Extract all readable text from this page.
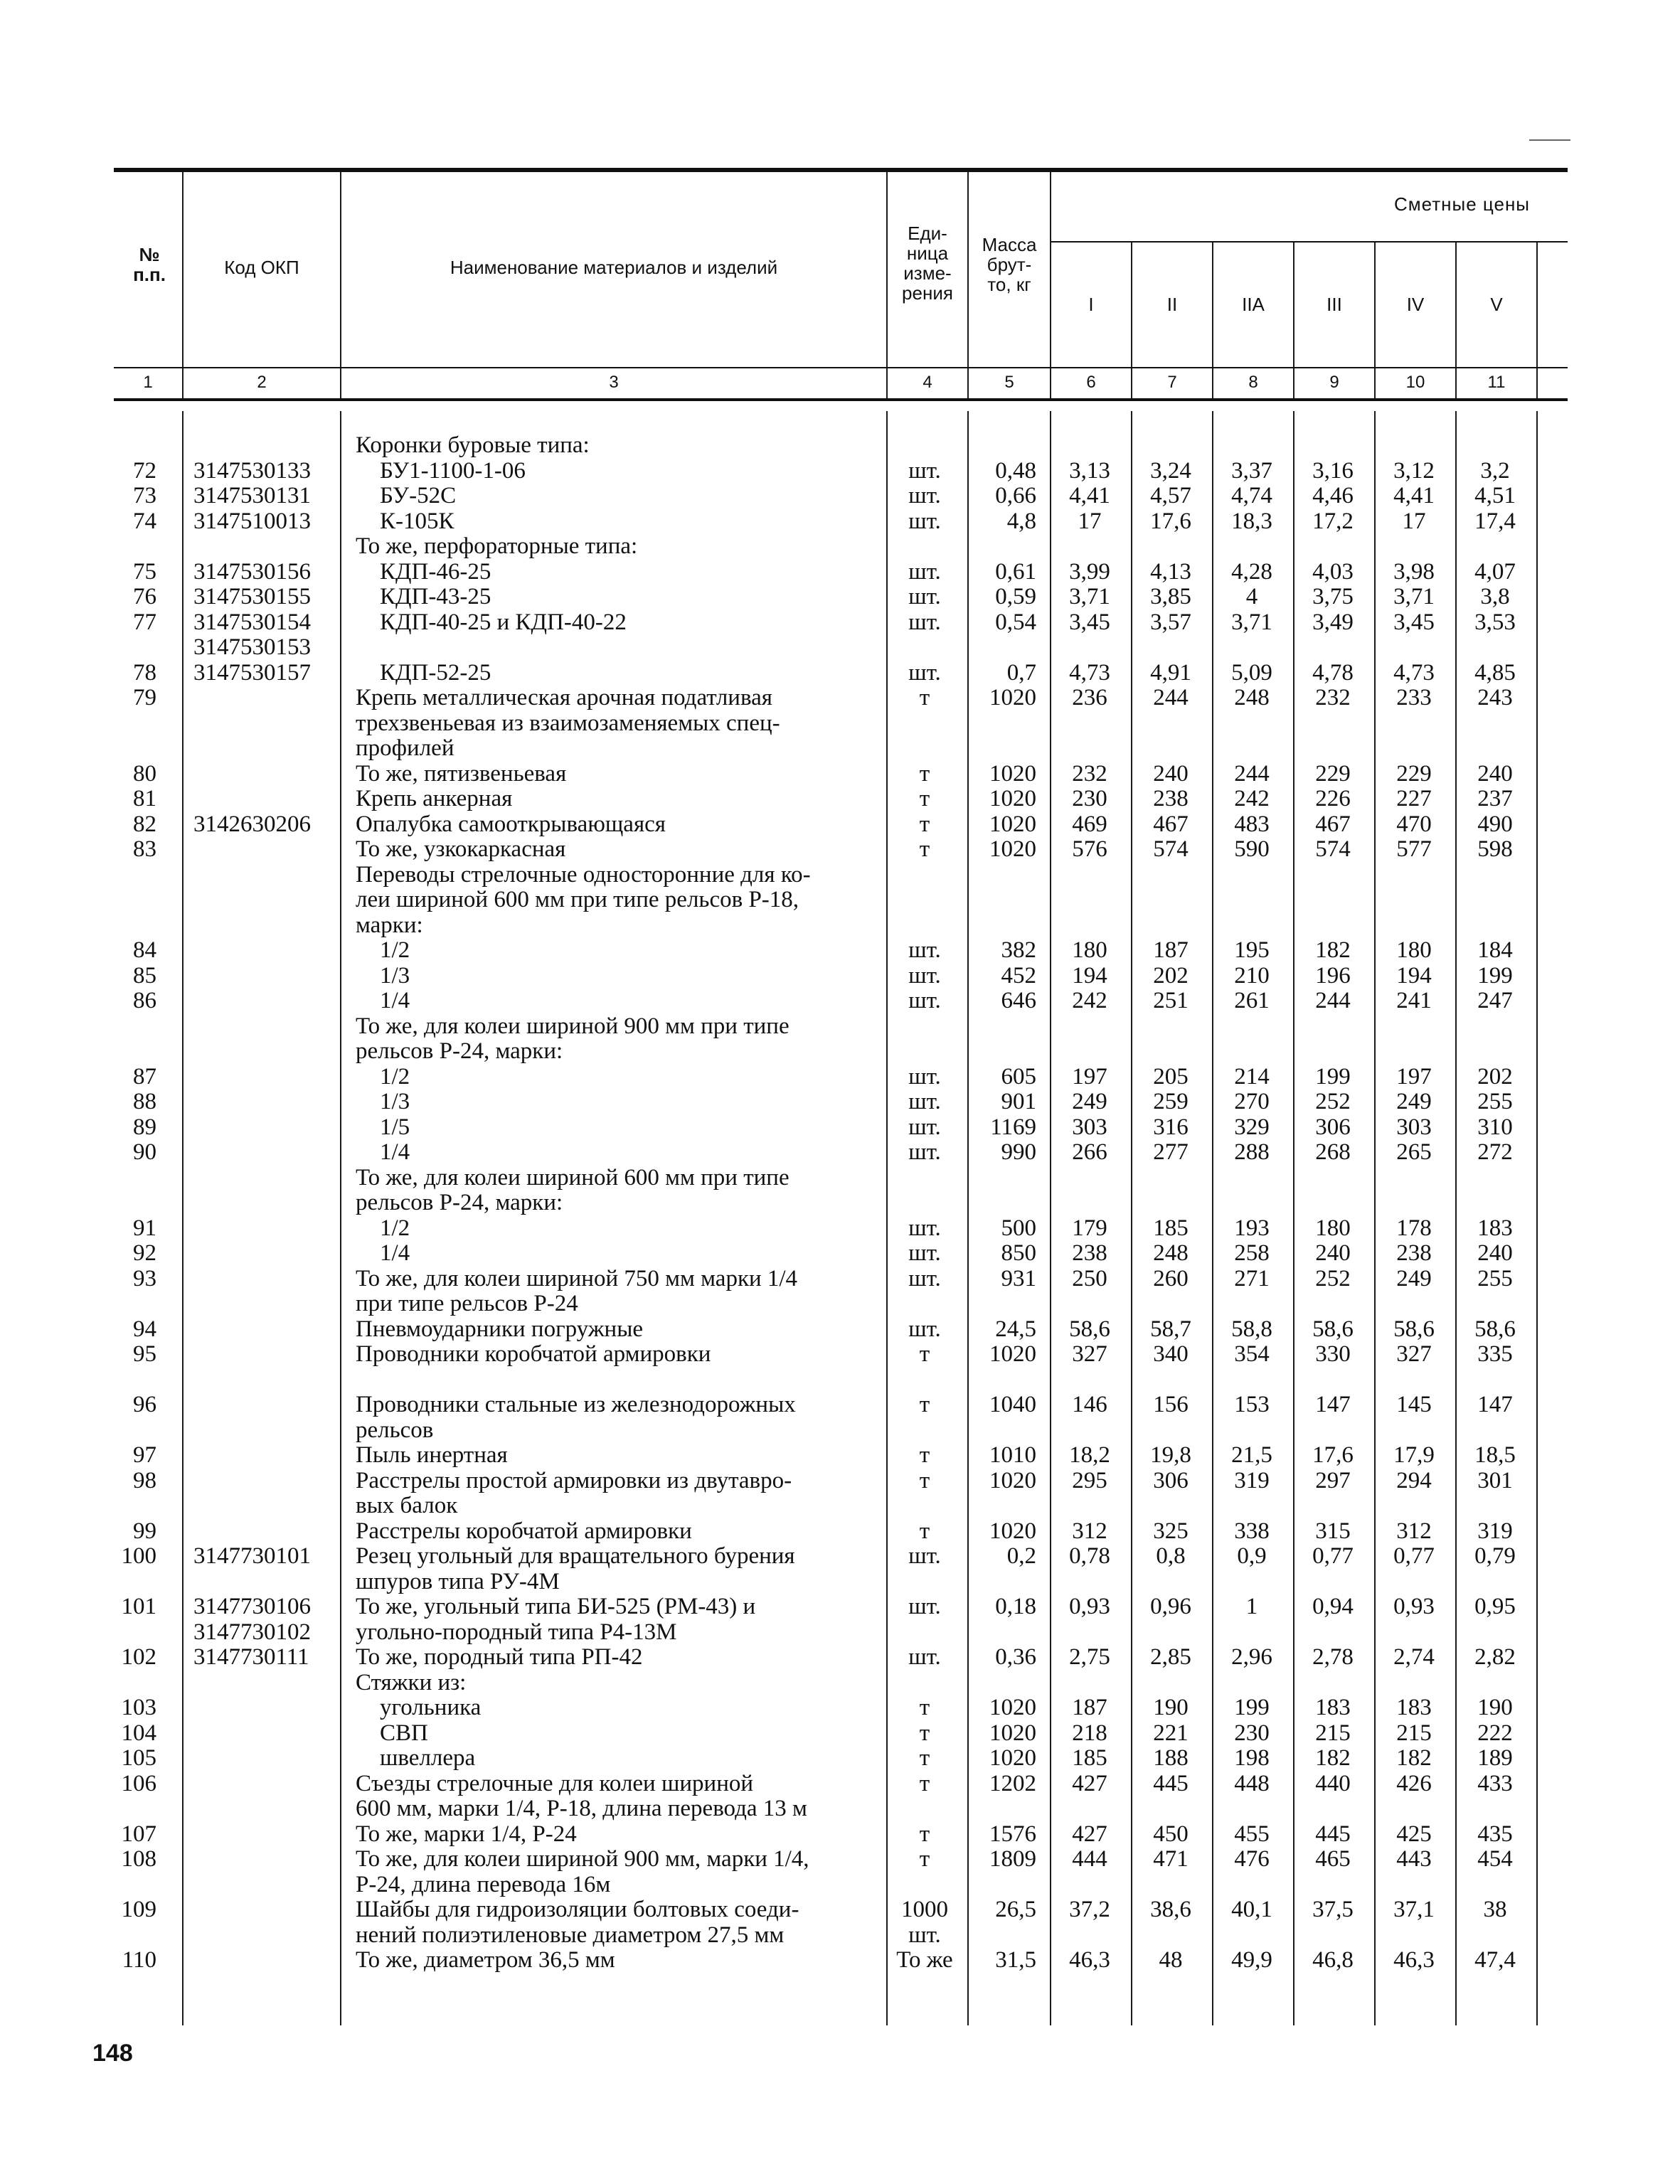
Сметные цены
№
п.п.	Код ОКП	Наименование материалов и изделий
Еди-
ница
изме-
рения
Масса
брут-
то, кг
I	II	IIА	III	IV	V
1	2	3	4	5	6	7	8	9	10	11
Коронки буровые типа:
72 3147530133	БУ1-1100-1-06	шт.	0,48	3,13	3,24	3,37	3,16	3,12	3,2
73 3147530131	БУ-52С	шт.	0,66	4,41	4,57	4,74	4,46	4,41	4,51
74 3147510013	К-105К	шт.	4,8	17	17,6	18,3	17,2	17	17,4
То же, перфораторные типа:
75 3147530156	КДП-46-25	шт.	0,61	3,99	4,13	4,28	4,03	3,98	4,07
76 3147530155	КДП-43-25	шт.	0,59	3,71	3,85	4	3,75	3,71	3,8
77 3147530154	КДП-40-25 и КДП-40-22	шт.	0,54	3,45	3,57	3,71	3,49	3,45	3,53
3147530153
78 3147530157	КДП-52-25	шт.	0,7	4,73	4,91	5,09	4,78	4,73	4,85
79	Крепь металлическая арочная податливая	т	1020	236	244	248	232	233	243
трехзвеньевая из взаимозаменяемых спец-
профилей
80	То же, пятизвеньевая	т	1020	232	240	244	229	229	240
81	Крепь анкерная	т	1020	230	238	242	226	227	237
82 3142630206	Опалубка самооткрывающаяся	т	1020	469	467	483	467	470	490
83	То же, узкокаркасная	т	1020	576	574	590	574	577	598
Переводы стрелочные односторонние для ко-
леи шириной 600 мм при типе рельсов Р-18,
марки:
84	1/2	шт.	382	180	187	195	182	180	184
85	1/3	шт.	452	194	202	210	196	194	199
86	1/4	шт.	646	242	251	261	244	241	247
То же, для колеи шириной 900 мм при типе
рельсов Р-24, марки:
87	1/2	шт.	605	197	205	214	199	197	202
88	1/3	шт.	901	249	259	270	252	249	255
89	1/5	шт.	1169	303	316	329	306	303	310
90	1/4	шт.	990	266	277	288	268	265	272
То же, для колеи шириной 600 мм при типе
рельсов Р-24, марки:
91	1/2	шт.	500	179	185	193	180	178	183
92	1/4	шт.	850	238	248	258	240	238	240
93	То же, для колеи шириной 750 мм марки 1/4	шт.	931	250	260	271	252	249	255
при типе рельсов Р-24
94	Пневмоударники погружные	шт.	24,5	58,6	58,7	58,8	58,6	58,6	58,6
95	Проводники коробчатой армировки	т	1020	327	340	354	330	327	335
96	Проводники стальные из железнодорожных	т	1040	146	156	153	147	145	147
рельсов
97	Пыль инертная	т	1010	18,2	19,8	21,5	17,6	17,9	18,5
98	Расстрелы простой армировки из двутавро-	т	1020	295	306	319	297	294	301
вых балок
99	Расстрелы коробчатой армировки	т	1020	312	325	338	315	312	319
100 3147730101	Резец угольный для вращательного бурения	шт.	0,2	0,78	0,8	0,9	0,77	0,77	0,79
шпуров типа РУ-4М
101 3147730106	То же, угольный типа БИ-525 (РМ-43) и	шт.	0,18	0,93	0,96	1	0,94	0,93	0,95
3147730102	угольно-породный типа Р4-13М
102 3147730111	То же, породный типа РП-42	шт.	0,36	2,75	2,85	2,96	2,78	2,74	2,82
Стяжки из:
103	угольника	т	1020	187	190	199	183	183	190
104	СВП	т	1020	218	221	230	215	215	222
105	швеллера	т	1020	185	188	198	182	182	189
106	Съезды стрелочные для колеи шириной	т	1202	427	445	448	440	426	433
600 мм, марки 1/4, Р-18, длина перевода 13 м
107	То же, марки 1/4, Р-24	т	1576	427	450	455	445	425	435
108	То же, для колеи шириной 900 мм, марки 1/4,	т	1809	444	471	476	465	443	454
Р-24, длина перевода 16м
109	Шайбы для гидроизоляции болтовых соеди-	1000	26,5	37,2	38,6	40,1	37,5	37,1	38
нений полиэтиленовые диаметром 27,5 мм	шт.
110	То же, диаметром 36,5 мм	То же	31,5	46,3	48	49,9	46,8	46,3	47,4
148
